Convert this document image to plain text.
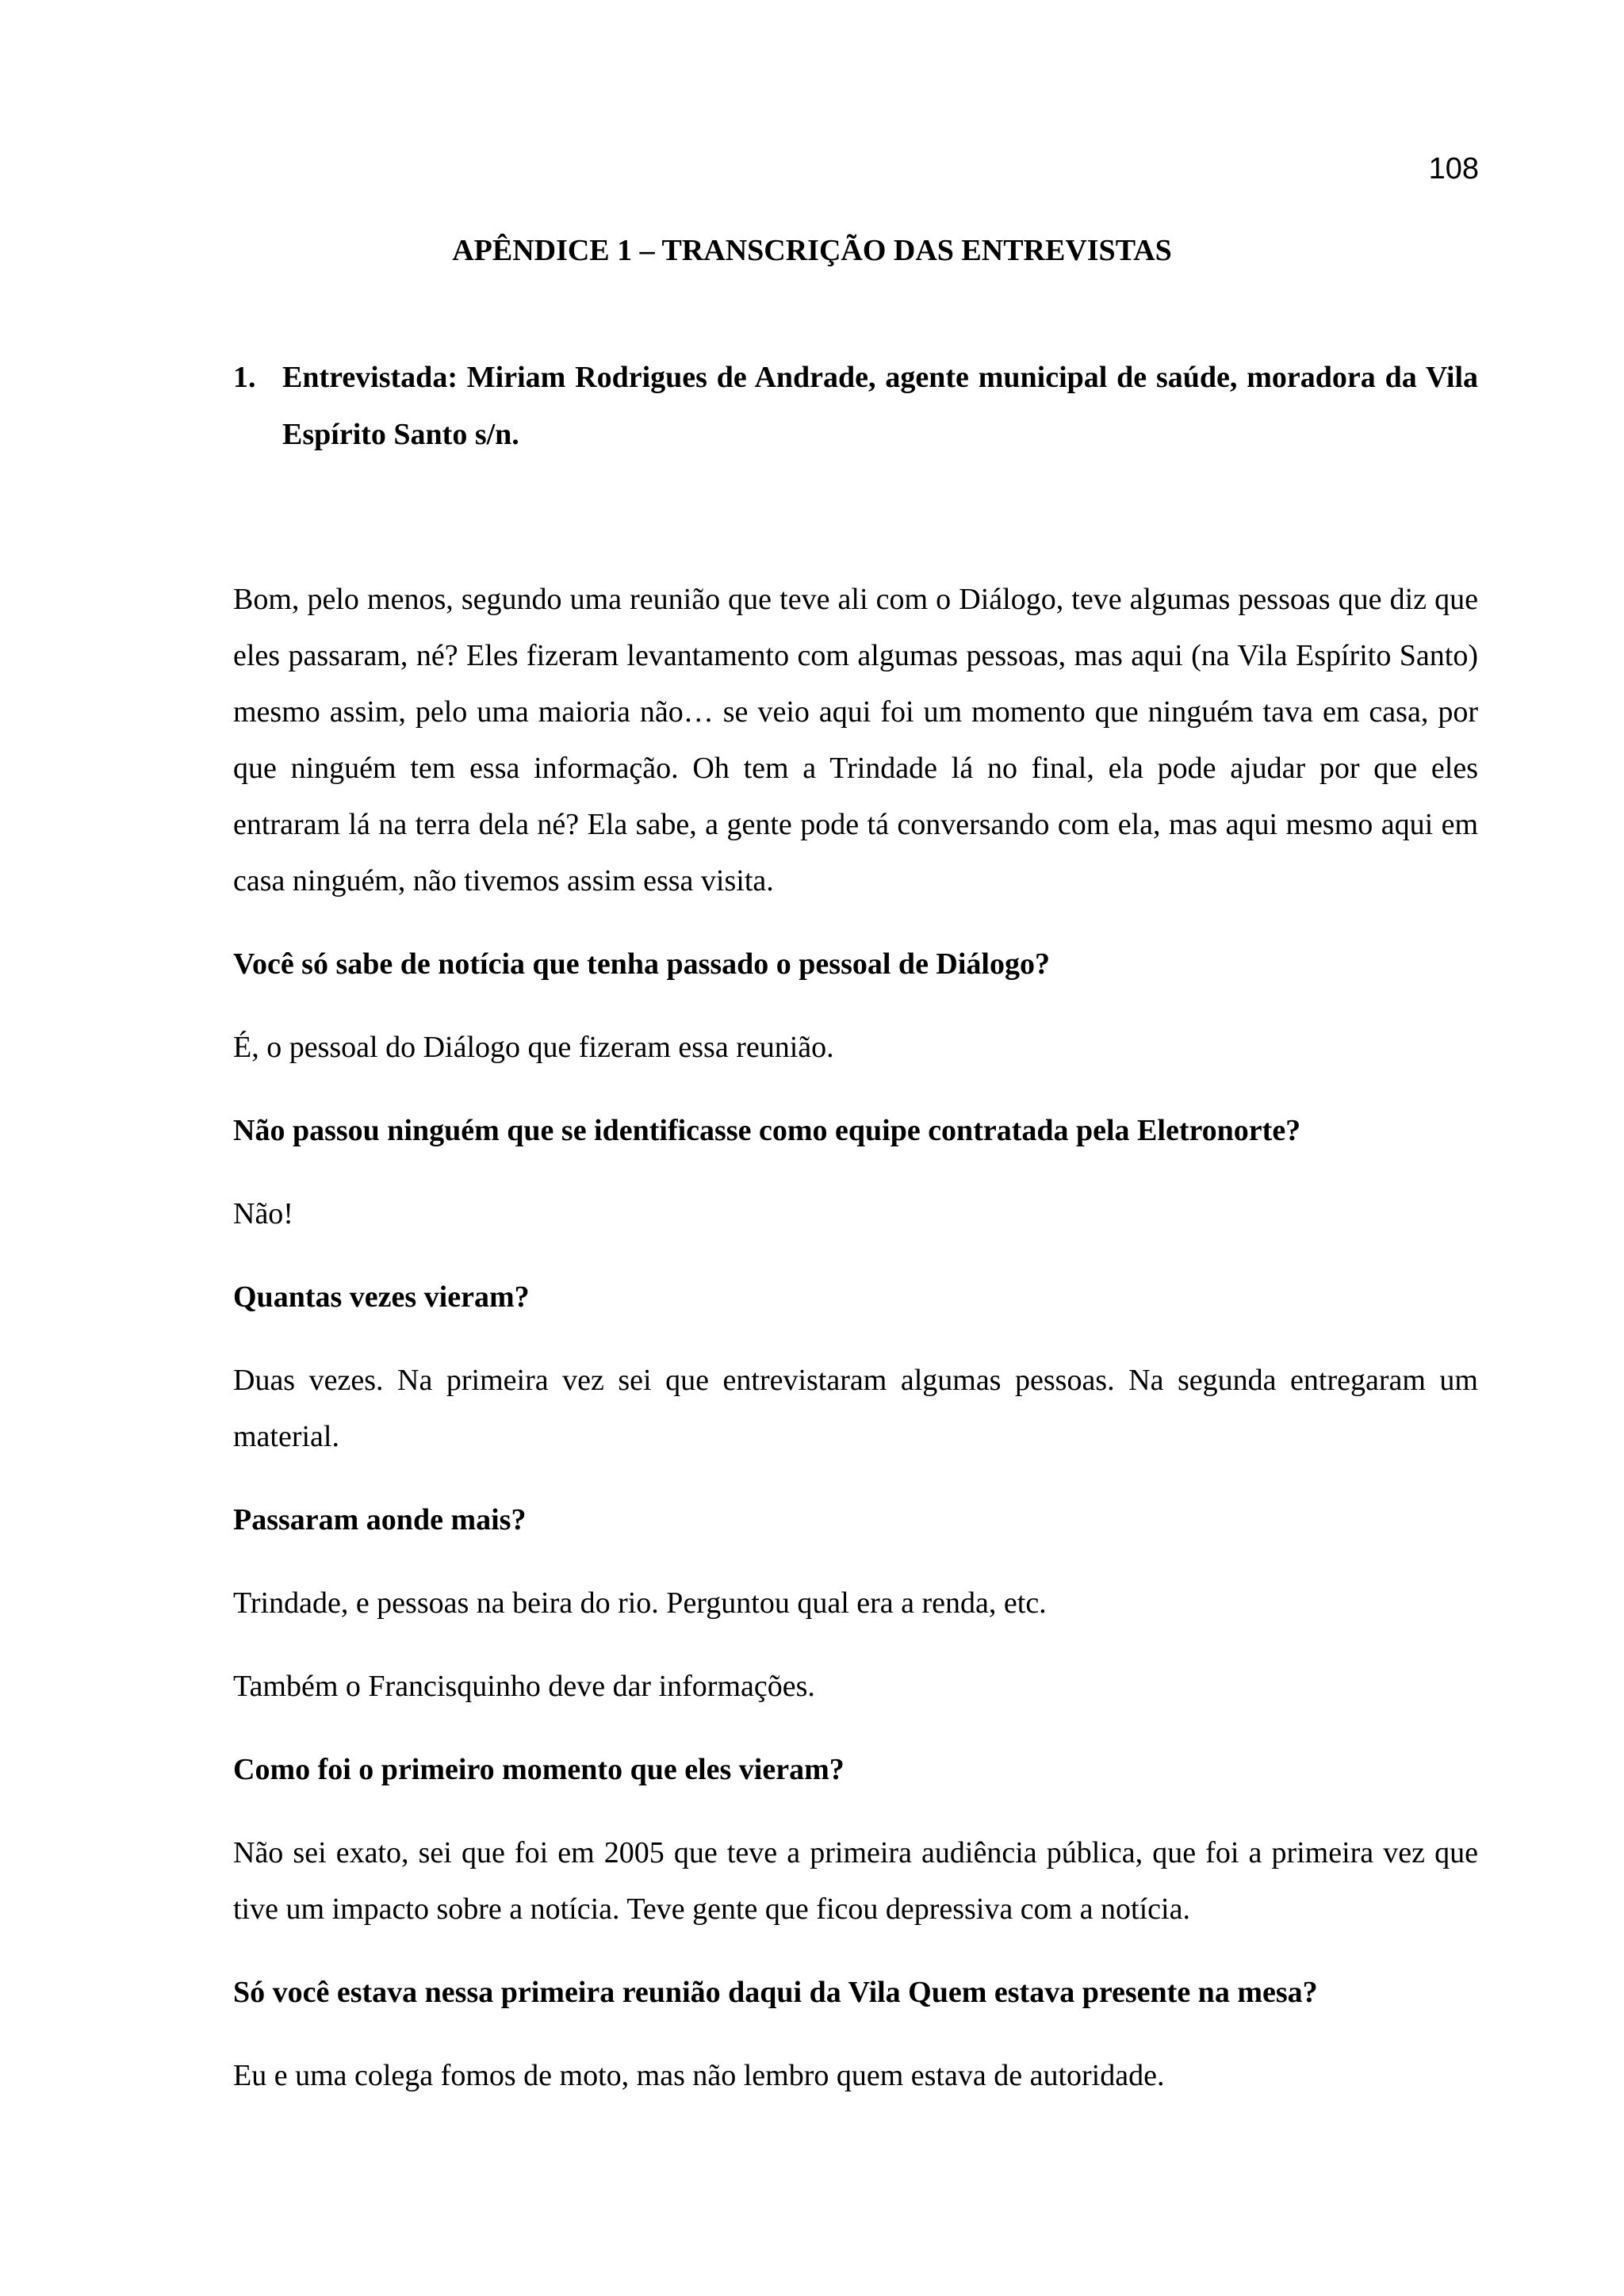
108
APÊNDICE 1 – TRANSCRIÇÃO DAS ENTREVISTAS
1. Entrevistada: Miriam Rodrigues de Andrade, agente municipal de saúde, moradora da Vila Espírito Santo s/n.

Bom, pelo menos, segundo uma reunião que teve ali com o Diálogo, teve algumas pessoas que diz que eles passaram, né? Eles fizeram levantamento com algumas pessoas, mas aqui (na Vila Espírito Santo) mesmo assim, pelo uma maioria não… se veio aqui foi um momento que ninguém tava em casa, por que ninguém tem essa informação. Oh tem a Trindade lá no final, ela pode ajudar por que eles entraram lá na terra dela né? Ela sabe, a gente pode tá conversando com ela, mas aqui mesmo aqui em casa ninguém, não tivemos assim essa visita.

Você só sabe de notícia que tenha passado o pessoal de Diálogo?

É, o pessoal do Diálogo que fizeram essa reunião.

Não passou ninguém que se identificasse como equipe contratada pela Eletronorte?

Não!

Quantas vezes vieram?

Duas vezes. Na primeira vez sei que entrevistaram algumas pessoas. Na segunda entregaram um material.

Passaram aonde mais?

Trindade, e pessoas na beira do rio. Perguntou qual era a renda, etc.

Também o Francisquinho deve dar informações.

Como foi o primeiro momento que eles vieram?

Não sei exato, sei que foi em 2005 que teve a primeira audiência pública, que foi a primeira vez que tive um impacto sobre a notícia. Teve gente que ficou depressiva com a notícia.

Só você estava nessa primeira reunião daqui da Vila Quem estava presente na mesa?

Eu e uma colega fomos de moto, mas não lembro quem estava de autoridade.
